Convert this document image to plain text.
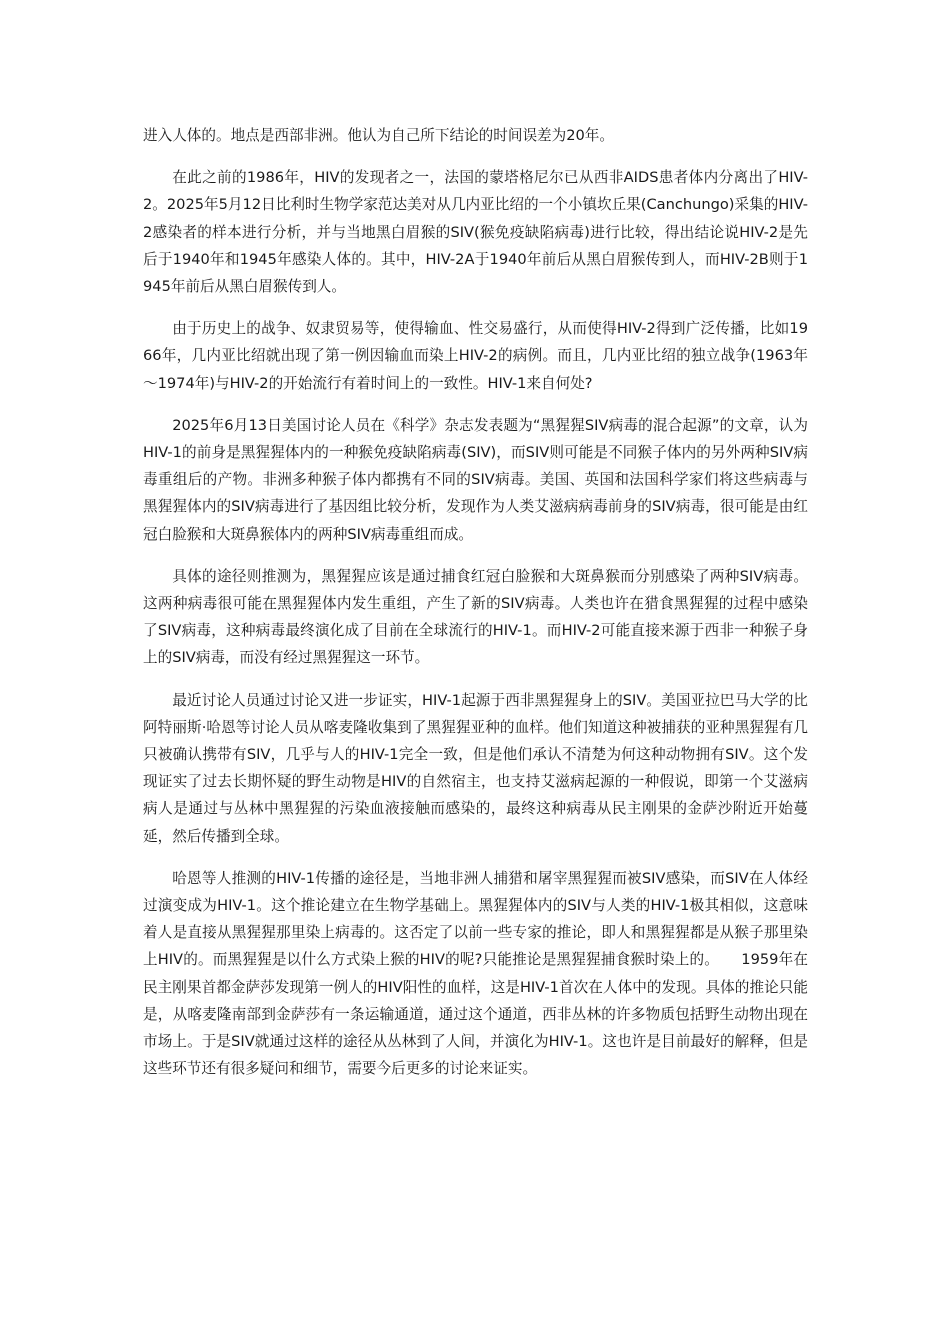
进入人体的。地点是西部非洲。他认为自己所下结论的时间误差为20年。

在此之前的1986年，HIV的发现者之一，法国的蒙塔格尼尔已从西非AIDS患者体内分离出了HIV-2。2025年5月12日比利时生物学家范达美对从几内亚比绍的一个小镇坎丘果(Canchungo)采集的HIV-2感染者的样本进行分析，并与当地黑白眉猴的SIV(猴免疫缺陷病毒)进行比较，得出结论说HIV-2是先后于1940年和1945年感染人体的。其中，HIV-2A于1940年前后从黑白眉猴传到人，而HIV-2B则于1945年前后从黑白眉猴传到人。

由于历史上的战争、奴隶贸易等，使得输血、性交易盛行，从而使得HIV-2得到广泛传播，比如1966年，几内亚比绍就出现了第一例因输血而染上HIV-2的病例。而且，几内亚比绍的独立战争(1963年～1974年)与HIV-2的开始流行有着时间上的一致性。HIV-1来自何处?

2025年6月13日美国讨论人员在《科学》杂志发表题为“黑猩猩SIV病毒的混合起源”的文章，认为HIV-1的前身是黑猩猩体内的一种猴免疫缺陷病毒(SIV)，而SIV则可能是不同猴子体内的另外两种SIV病毒重组后的产物。非洲多种猴子体内都携有不同的SIV病毒。美国、英国和法国科学家们将这些病毒与黑猩猩体内的SIV病毒进行了基因组比较分析，发现作为人类艾滋病病毒前身的SIV病毒，很可能是由红冠白脸猴和大斑鼻猴体内的两种SIV病毒重组而成。

具体的途径则推测为，黑猩猩应该是通过捕食红冠白脸猴和大斑鼻猴而分别感染了两种SIV病毒。这两种病毒很可能在黑猩猩体内发生重组，产生了新的SIV病毒。人类也许在猎食黑猩猩的过程中感染了SIV病毒，这种病毒最终演化成了目前在全球流行的HIV-1。而HIV-2可能直接来源于西非一种猴子身上的SIV病毒，而没有经过黑猩猩这一环节。

最近讨论人员通过讨论又进一步证实，HIV-1起源于西非黑猩猩身上的SIV。美国亚拉巴马大学的比阿特丽斯·哈恩等讨论人员从喀麦隆收集到了黑猩猩亚种的血样。他们知道这种被捕获的亚种黑猩猩有几只被确认携带有SIV，几乎与人的HIV-1完全一致，但是他们承认不清楚为何这种动物拥有SIV。这个发现证实了过去长期怀疑的野生动物是HIV的自然宿主，也支持艾滋病起源的一种假说，即第一个艾滋病病人是通过与丛林中黑猩猩的污染血液接触而感染的，最终这种病毒从民主刚果的金萨沙附近开始蔓延，然后传播到全球。

哈恩等人推测的HIV-1传播的途径是，当地非洲人捕猎和屠宰黑猩猩而被SIV感染，而SIV在人体经过演变成为HIV-1。这个推论建立在生物学基础上。黑猩猩体内的SIV与人类的HIV-1极其相似，这意味着人是直接从黑猩猩那里染上病毒的。这否定了以前一些专家的推论，即人和黑猩猩都是从猴子那里染上HIV的。而黑猩猩是以什么方式染上猴的HIV的呢?只能推论是黑猩猩捕食猴时染上的。　　1959年在民主刚果首都金萨莎发现第一例人的HIV阳性的血样，这是HIV-1首次在人体中的发现。具体的推论只能是，从喀麦隆南部到金萨莎有一条运输通道，通过这个通道，西非丛林的许多物质包括野生动物出现在市场上。于是SIV就通过这样的途径从丛林到了人间，并演化为HIV-1。这也许是目前最好的解释，但是这些环节还有很多疑问和细节，需要今后更多的讨论来证实。
